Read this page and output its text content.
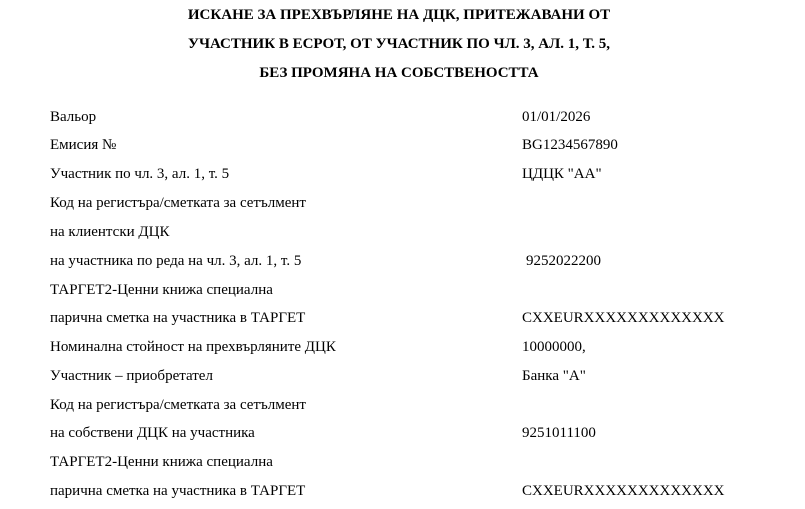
ИСКАНЕ ЗА ПРЕХВЪРЛЯНЕ НА ДЦК, ПРИТЕЖАВАНИ ОТ
УЧАСТНИК В ЕСРОТ, ОТ УЧАСТНИК ПО ЧЛ. 3, АЛ. 1, Т. 5,
БЕЗ ПРОМЯНА НА СОБСТВЕНОСТТА
Вальор	01/01/2026
Емисия №	BG1234567890
Участник по чл. 3, ал. 1, т. 5	ЦДЦК "АА"
Код на регистъра/сметката за сетълмент
на клиентски ДЦК
на участника по реда на чл. 3, ал. 1, т. 5	9252022200
ТАРГЕТ2-Ценни книжа специална
парична сметка на участника в ТАРГЕТ	CXXEURXXXXXXXXXXXXX
Номинална стойност на прехвърляните ДЦК	10000000,
Участник – приобретател	Банка "А"
Код на регистъра/сметката за сетълмент
на собствени ДЦК на участника	9251011100
ТАРГЕТ2-Ценни книжа специална
парична сметка на участника в ТАРГЕТ	CXXEURXXXXXXXXXXXXX
